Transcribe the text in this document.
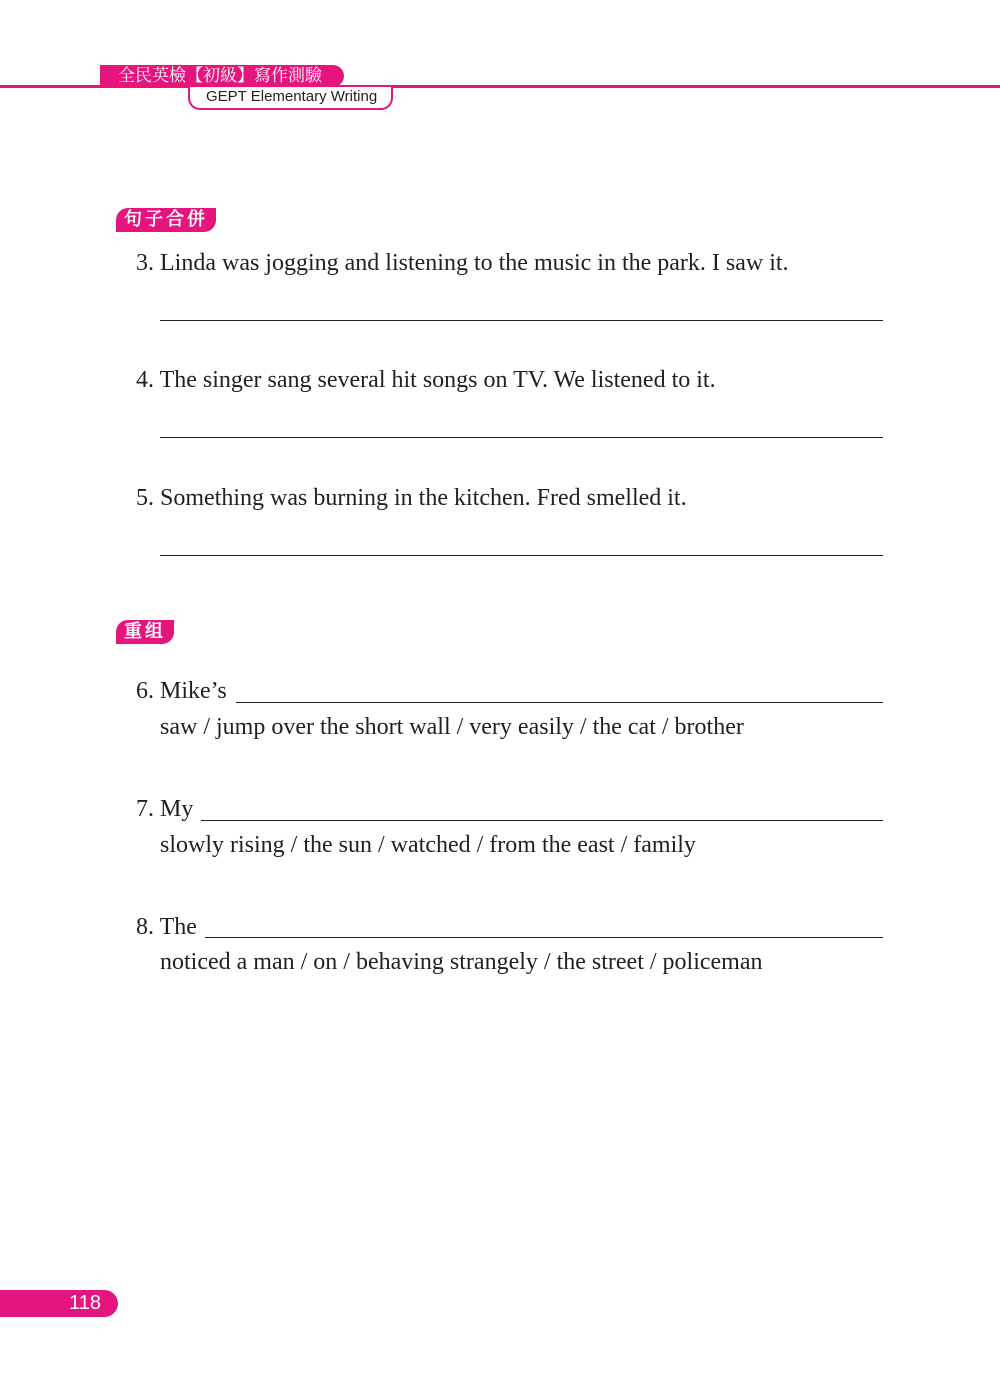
全民英檢【初級】寫作測驗
GEPT Elementary Writing
句子合併
3. Linda was jogging and listening to the music in the park. I saw it.
4. The singer sang several hit songs on TV. We listened to it.
5. Something was burning in the kitchen. Fred smelled it.
重组
6. Mike’s
saw / jump over the short wall / very easily / the cat / brother
7. My
slowly rising / the sun / watched / from the east / family
8. The
noticed a man / on / behaving strangely / the street / policeman
118
